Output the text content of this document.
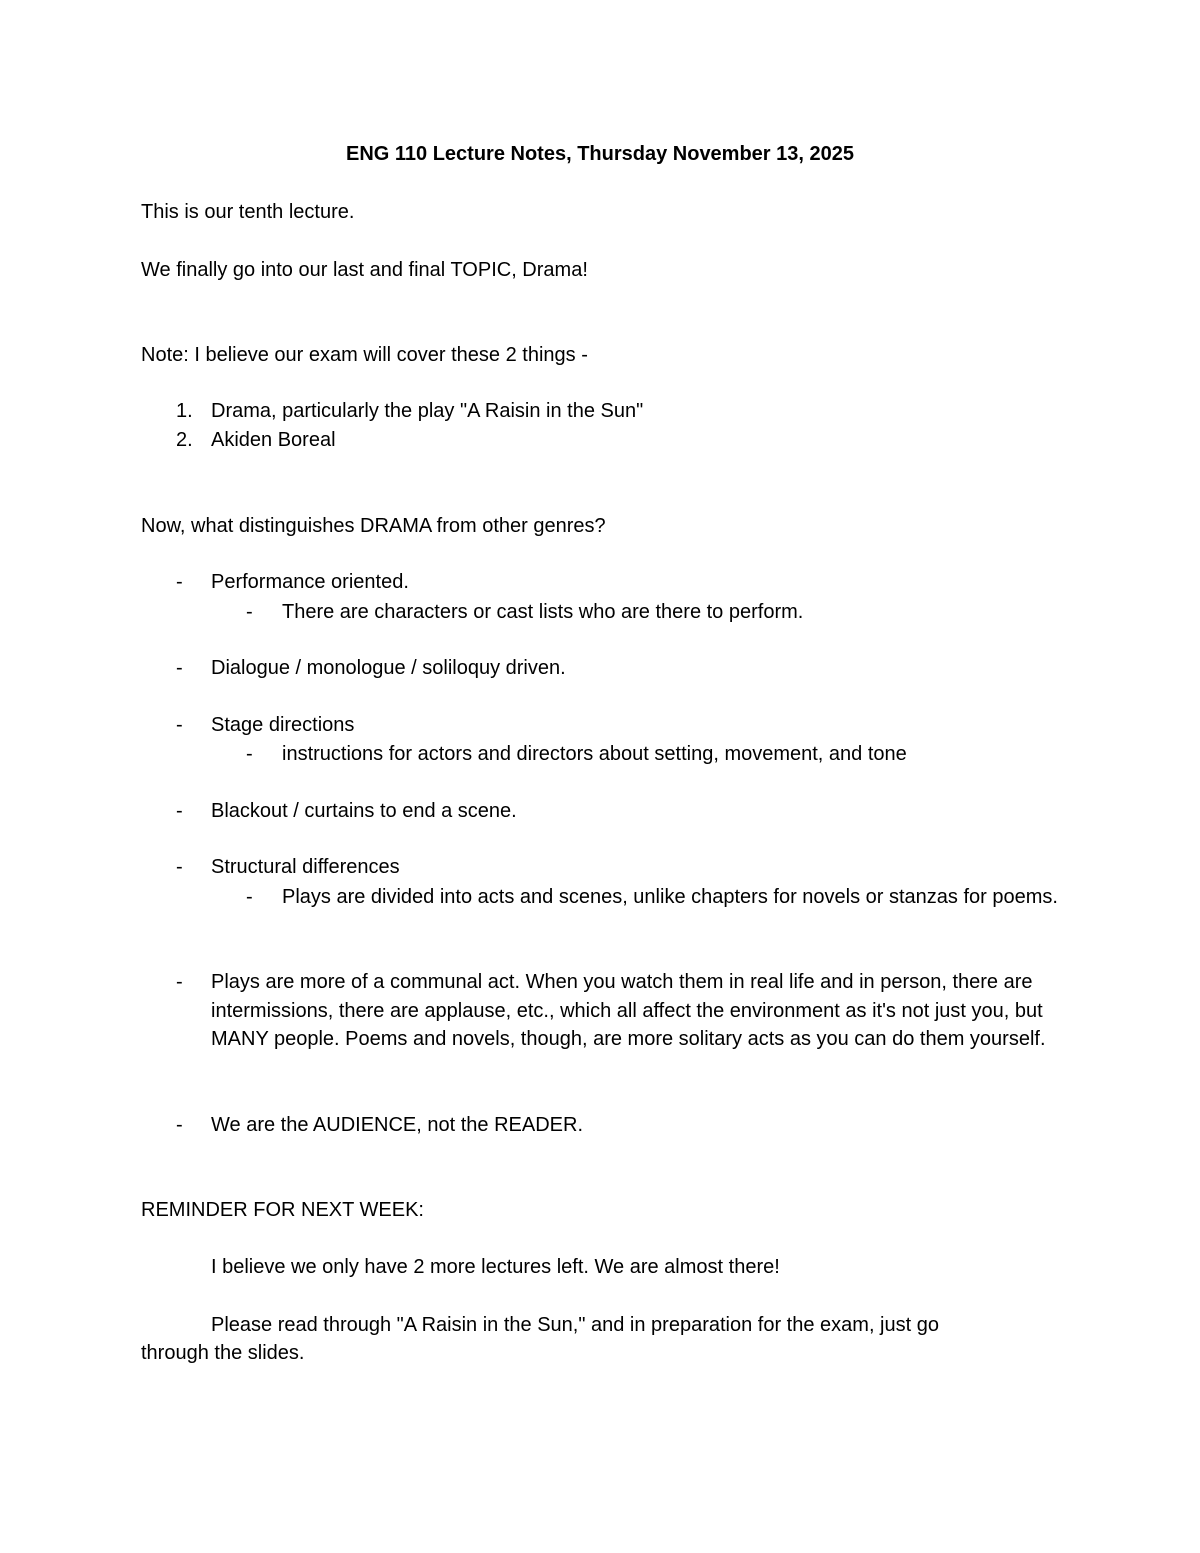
ENG 110 Lecture Notes, Thursday November 13, 2025
This is our tenth lecture.
We finally go into our last and final TOPIC, Drama!
Note: I believe our exam will cover these 2 things -
1. Drama, particularly the play "A Raisin in the Sun"
2. Akiden Boreal
Now, what distinguishes DRAMA from other genres?
- Performance oriented.
- There are characters or cast lists who are there to perform.
- Dialogue / monologue / soliloquy driven.
- Stage directions
- instructions for actors and directors about setting, movement, and tone
- Blackout / curtains to end a scene.
- Structural differences
- Plays are divided into acts and scenes, unlike chapters for novels or stanzas for poems.
- Plays are more of a communal act. When you watch them in real life and in person, there are intermissions, there are applause, etc., which all affect the environment as it's not just you, but MANY people. Poems and novels, though, are more solitary acts as you can do them yourself.
- We are the AUDIENCE, not the READER.
REMINDER FOR NEXT WEEK:
I believe we only have 2 more lectures left. We are almost there!
Please read through "A Raisin in the Sun," and in preparation for the exam, just go
through the slides.
